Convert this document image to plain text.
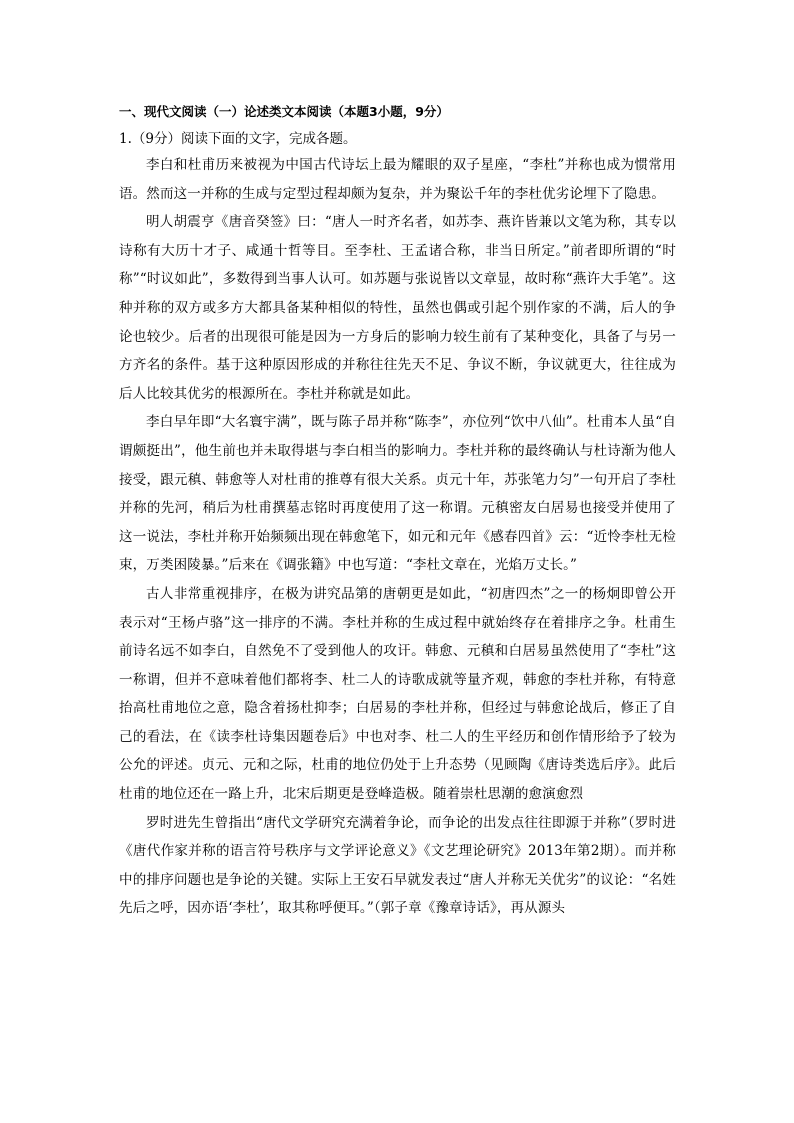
一、现代文阅读（一）论述类文本阅读（本题3小题，9分）
1.（9分）阅读下面的文字，完成各题。

李白和杜甫历来被视为中国古代诗坛上最为耀眼的双子星座，“李杜”并称也成为惯常用语。然而这一并称的生成与定型过程却颇为复杂，并为聚讼千年的李杜优劣论埋下了隐患。

明人胡震亨《唐音癸签》曰：“唐人一时齐名者，如苏李、燕许皆兼以文笔为称，其专以诗称有大历十才子、咸通十哲等目。至李杜、王孟诸合称，非当日所定。”前者即所谓的“时称”“时议如此”，多数得到当事人认可。如苏题与张说皆以文章显，故时称“燕许大手笔”。这种并称的双方或多方大都具备某种相似的特性，虽然也偶或引起个别作家的不满，后人的争论也较少。后者的出现很可能是因为一方身后的影响力较生前有了某种变化，具备了与另一方齐名的条件。基于这种原因形成的并称往往先天不足、争议不断，争议就更大，往往成为后人比较其优劣的根源所在。李杜并称就是如此。

李白早年即“大名寰宇满”，既与陈子昂并称“陈李”，亦位列“饮中八仙”。杜甫本人虽“自谓颇挺出”，他生前也并未取得堪与李白相当的影响力。李杜并称的最终确认与杜诗渐为他人接受，跟元稹、韩愈等人对杜甫的推尊有很大关系。贞元十年，苏张笔力匀”一句开启了李杜并称的先河，稍后为杜甫撰墓志铭时再度使用了这一称谓。元稹密友白居易也接受并使用了这一说法，李杜并称开始频频出现在韩愈笔下，如元和元年《感春四首》云：“近怜李杜无检束，万类困陵暴。”后来在《调张籍》中也写道：“李杜文章在，光焰万丈长。”

古人非常重视排序，在极为讲究品第的唐朝更是如此，“初唐四杰”之一的杨炯即曾公开表示对“王杨卢骆”这一排序的不满。李杜并称的生成过程中就始终存在着排序之争。杜甫生前诗名远不如李白，自然免不了受到他人的攻讦。韩愈、元稹和白居易虽然使用了“李杜”这一称谓，但并不意味着他们都将李、杜二人的诗歌成就等量齐观，韩愈的李杜并称，有特意抬高杜甫地位之意，隐含着扬杜抑李；白居易的李杜并称，但经过与韩愈论战后，修正了自己的看法，在《读李杜诗集因题卷后》中也对李、杜二人的生平经历和创作情形给予了较为公允的评述。贞元、元和之际，杜甫的地位仍处于上升态势（见顾陶《唐诗类选后序》。此后杜甫的地位还在一路上升，北宋后期更是登峰造极。随着崇杜思潮的愈演愈烈

罗时进先生曾指出“唐代文学研究充满着争论，而争论的出发点往往即源于并称”（罗时进《唐代作家并称的语言符号秩序与文学评论意义》《文艺理论研究》2013年第2期）。而并称中的排序问题也是争论的关键。实际上王安石早就发表过“唐人并称无关优劣”的议论：“名姓先后之呼，因亦语‘李杜’，取其称呼便耳。”（郭子章《豫章诗话》，再从源头
